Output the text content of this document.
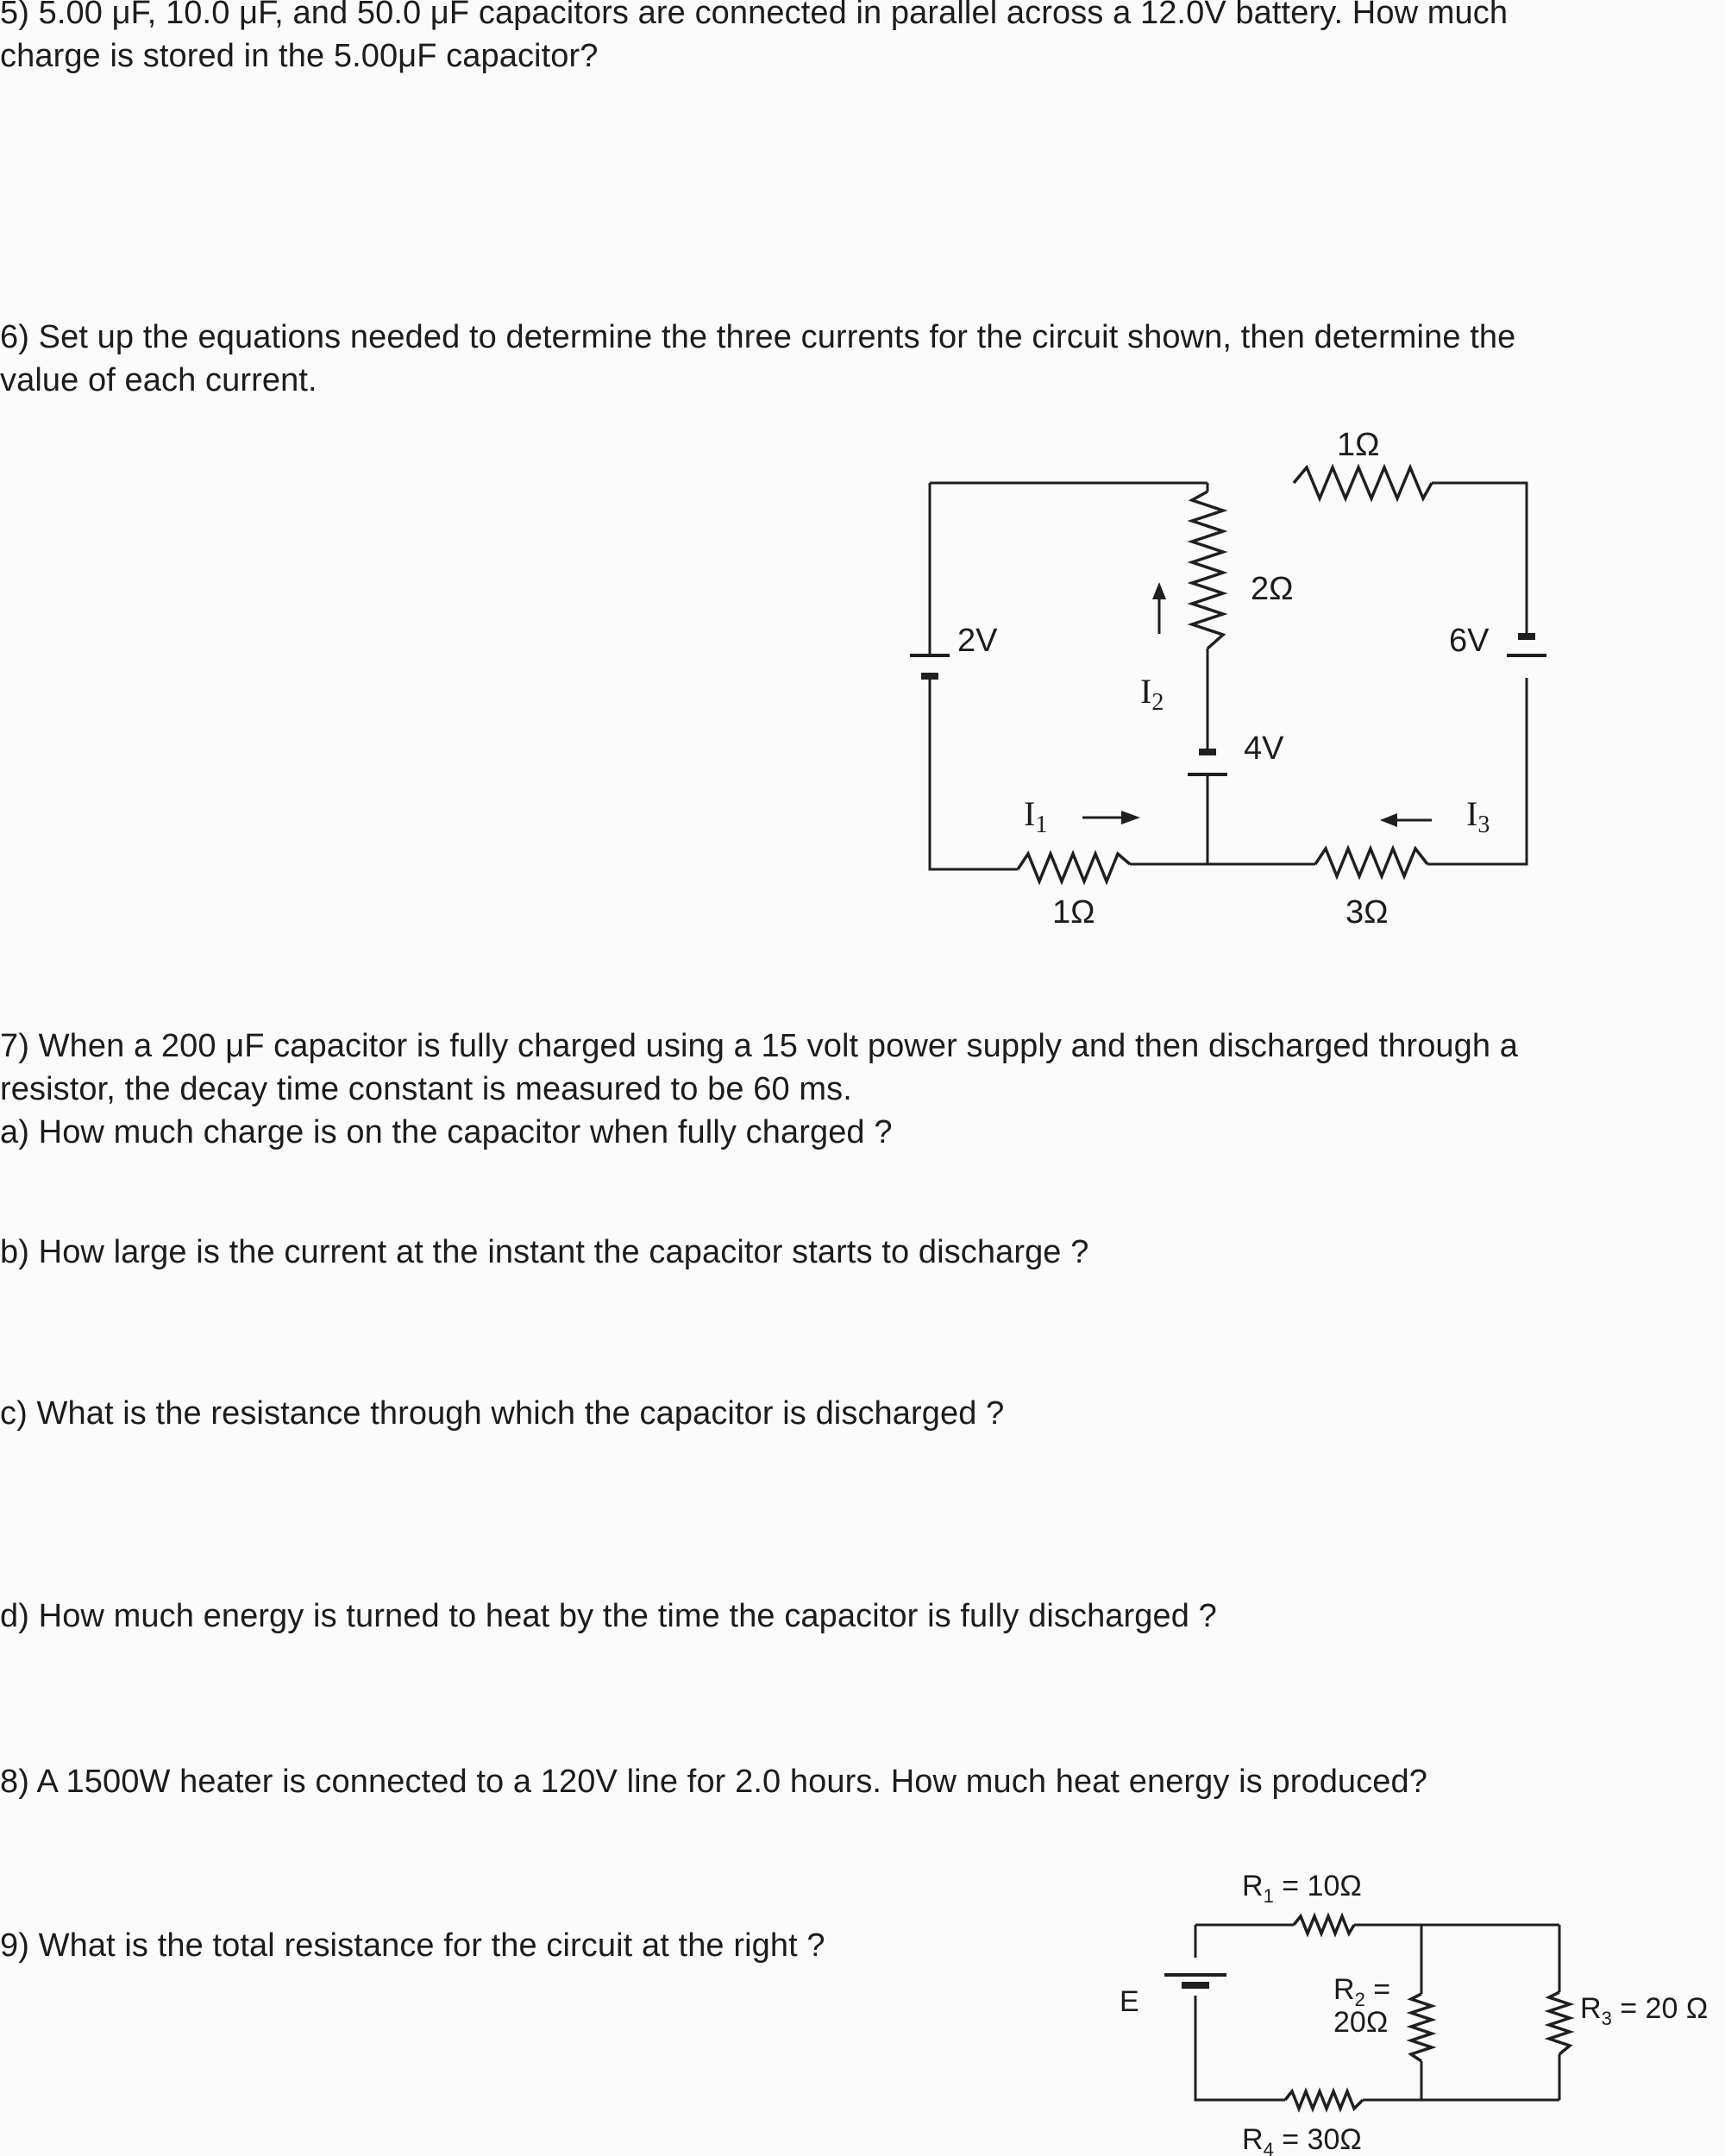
5) 5.00 μF, 10.0 μF, and 50.0 μF capacitors are connected in parallel across a 12.0V battery. How much
charge is stored in the 5.00μF capacitor?
6) Set up the equations needed to determine the three currents for the circuit shown, then determine the
value of each current.
1Ω
2Ω
2V	6V
4V
1Ω	3Ω
$I_2$
$I_1$	$I_3$
7) When a 200 μF capacitor is fully charged using a 15 volt power supply and then discharged through a
resistor, the decay time constant is measured to be 60 ms.
a) How much charge is on the capacitor when fully charged ?
b) How large is the current at the instant the capacitor starts to discharge ?
c) What is the resistance through which the capacitor is discharged ?
d) How much energy is turned to heat by the time the capacitor is fully discharged ?
8) A 1500W heater is connected to a 120V line for 2.0 hours. How much heat energy is produced?
9) What is the total resistance for the circuit at the right ?
$R_1 = 10\Omega$
$R_2$ =
20Ω	$R_3 = 20$ Ω
$R_4 = 30\Omega$
E
